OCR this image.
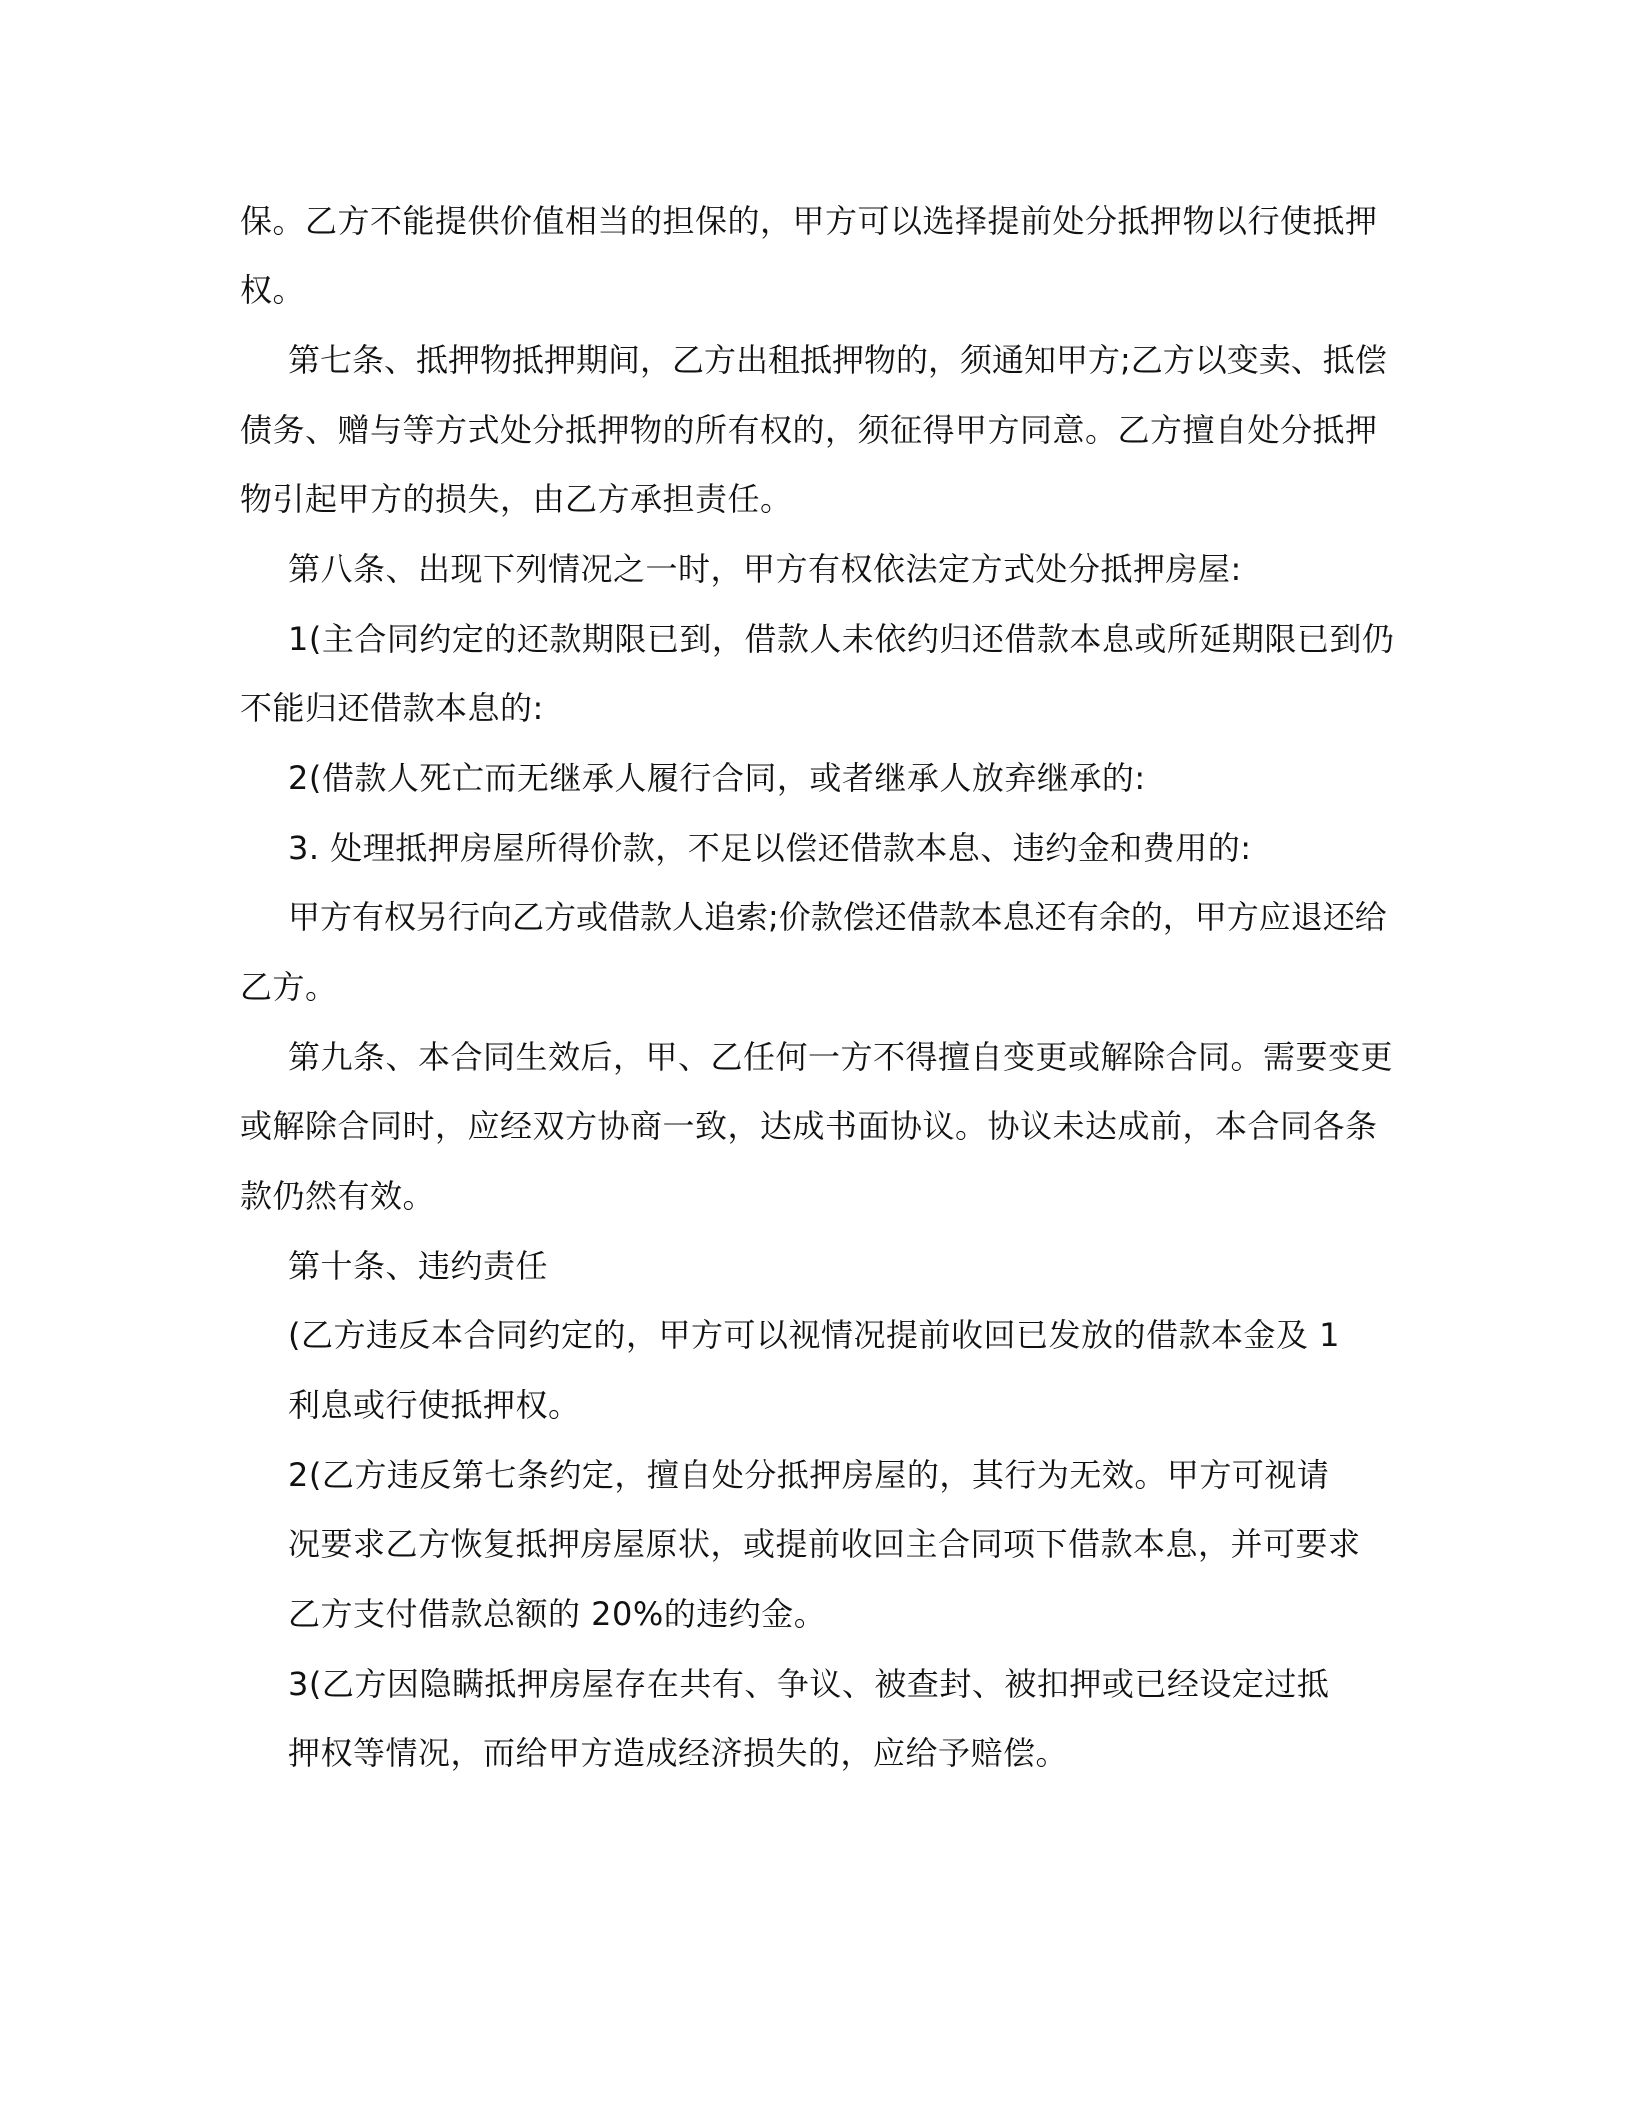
保。乙方不能提供价值相当的担保的，甲方可以选择提前处分抵押物以行使抵押
权。
第七条、抵押物抵押期间，乙方出租抵押物的，须通知甲方;乙方以变卖、抵偿
债务、赠与等方式处分抵押物的所有权的，须征得甲方同意。乙方擅自处分抵押
物引起甲方的损失，由乙方承担责任。
第八条、出现下列情况之一时，甲方有权依法定方式处分抵押房屋:
1(主合同约定的还款期限已到，借款人未依约归还借款本息或所延期限已到仍
不能归还借款本息的:
2(借款人死亡而无继承人履行合同，或者继承人放弃继承的:
3. 处理抵押房屋所得价款，不足以偿还借款本息、违约金和费用的:
甲方有权另行向乙方或借款人追索;价款偿还借款本息还有余的，甲方应退还给
乙方。
第九条、本合同生效后，甲、乙任何一方不得擅自变更或解除合同。需要变更
或解除合同时，应经双方协商一致，达成书面协议。协议未达成前，本合同各条
款仍然有效。
第十条、违约责任
(乙方违反本合同约定的，甲方可以视情况提前收回已发放的借款本金及 1
利息或行使抵押权。
2(乙方违反第七条约定，擅自处分抵押房屋的，其行为无效。甲方可视请
况要求乙方恢复抵押房屋原状，或提前收回主合同项下借款本息，并可要求
乙方支付借款总额的 20%的违约金。
3(乙方因隐瞒抵押房屋存在共有、争议、被查封、被扣押或已经设定过抵
押权等情况，而给甲方造成经济损失的，应给予赔偿。
